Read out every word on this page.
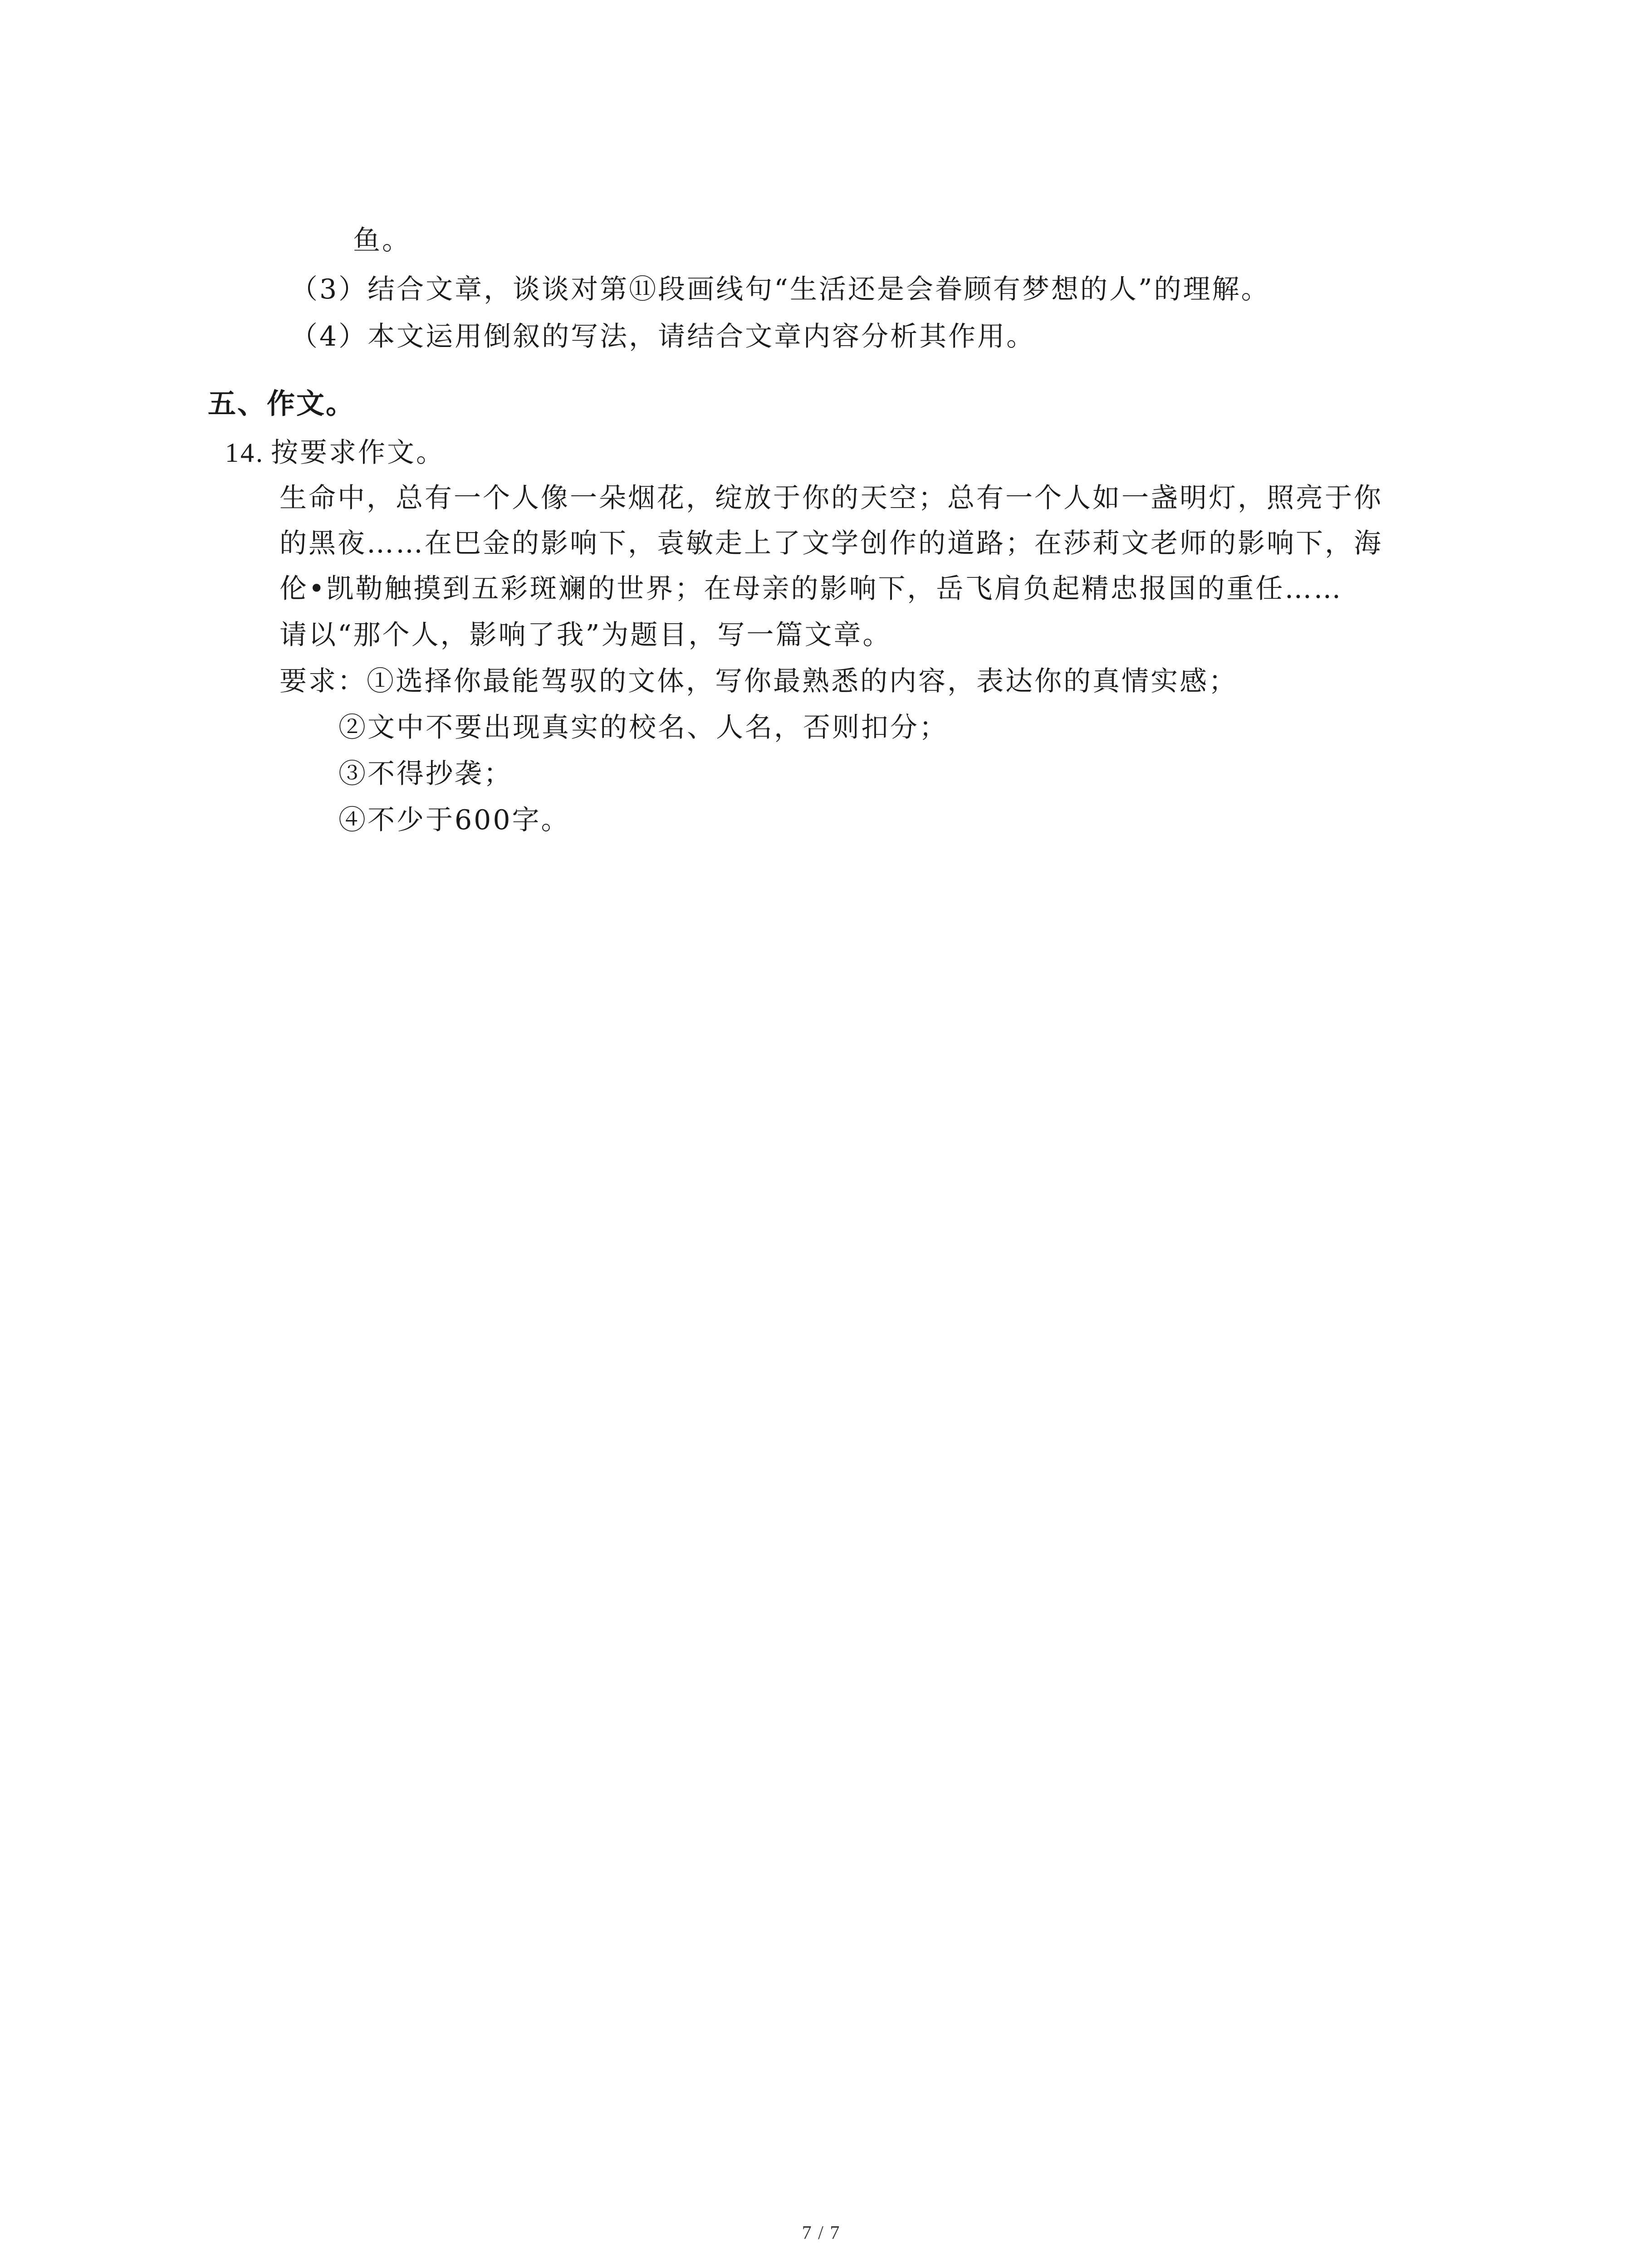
鱼。
（3）结合文章，谈谈对第⑪段画线句“生活还是会眷顾有梦想的人”的理解。
（4）本文运用倒叙的写法，请结合文章内容分析其作用。
五、作文。
14. 按要求作文。
生命中，总有一个人像一朵烟花，绽放于你的天空；总有一个人如一盏明灯，照亮于你
的黑夜……在巴金的影响下，袁敏走上了文学创作的道路；在莎莉文老师的影响下，海
伦•凯勒触摸到五彩斑斓的世界；在母亲的影响下，岳飞肩负起精忠报国的重任……
请以“那个人，影响了我”为题目，写一篇文章。
要求：①选择你最能驾驭的文体，写你最熟悉的内容，表达你的真情实感；
②文中不要出现真实的校名、人名，否则扣分；
③不得抄袭；
④不少于600字。
7 / 7
